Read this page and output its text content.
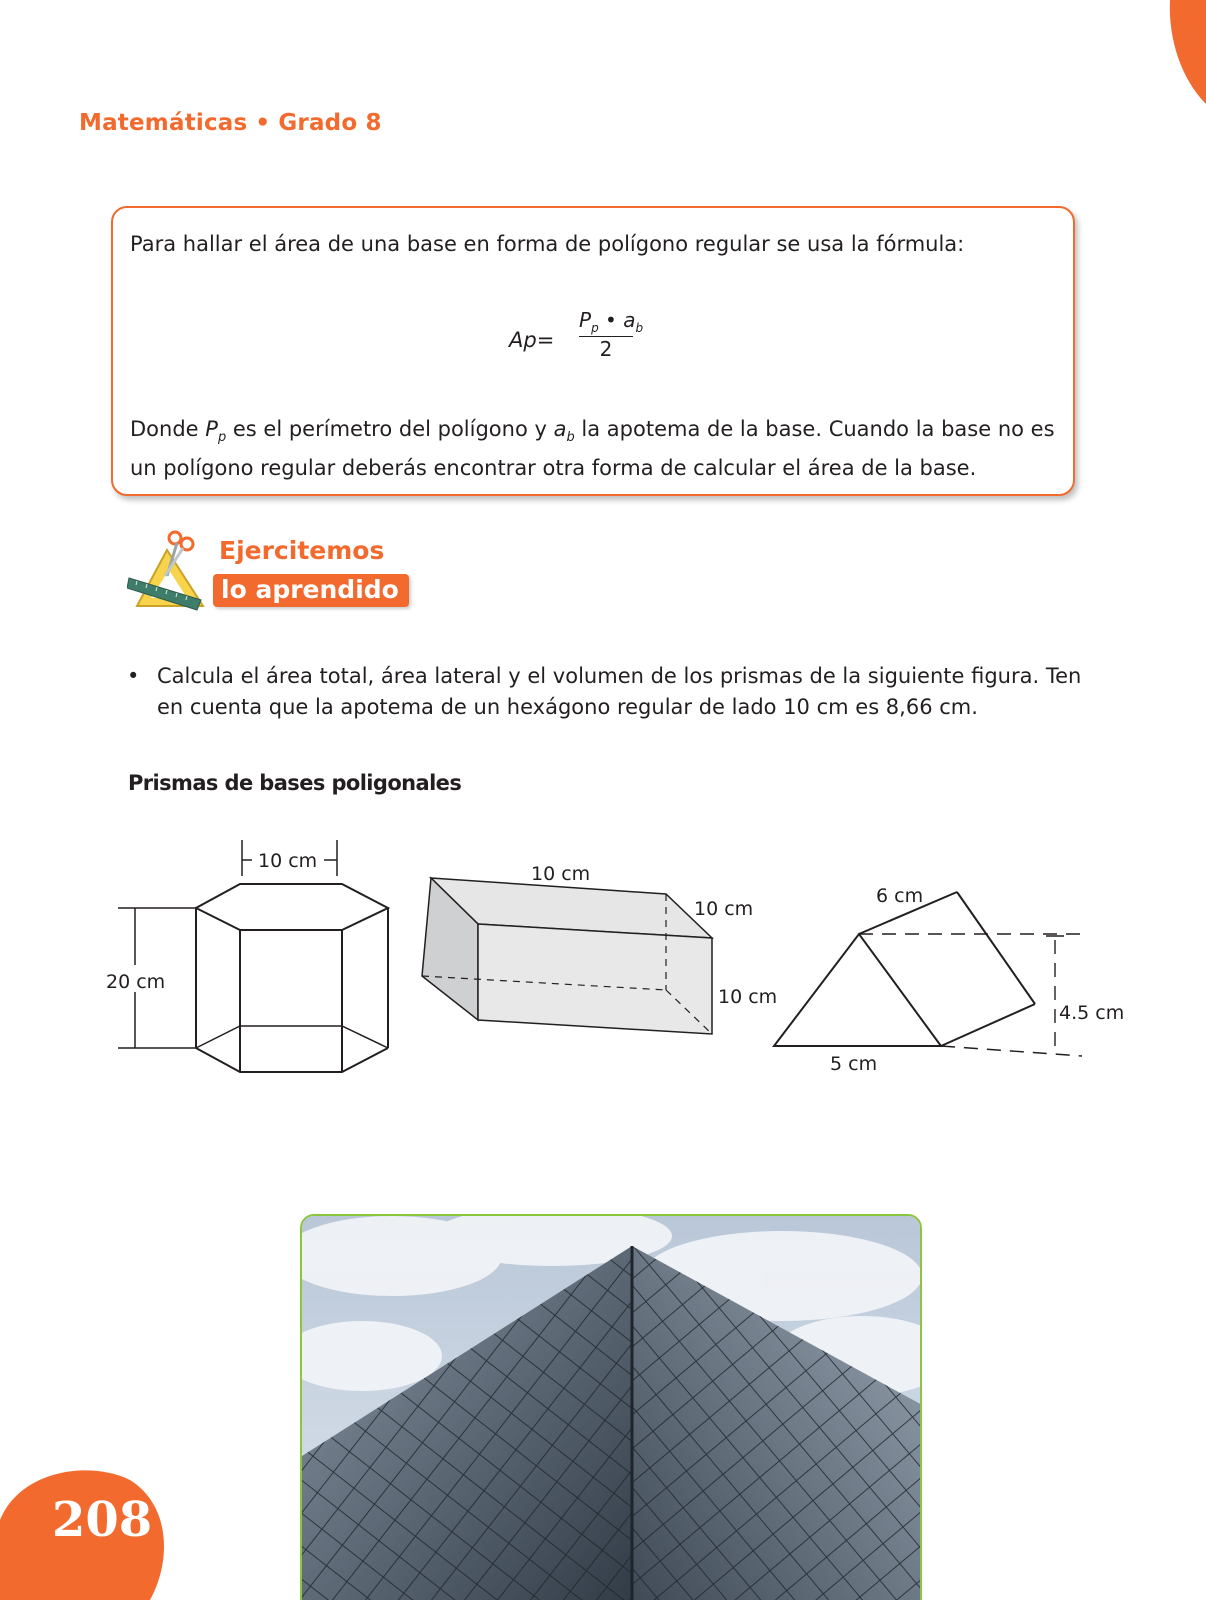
Matemáticas • Grado 8
Para hallar el área de una base en forma de polígono regular se usa la fórmula:
Ap=
$P_p$ • $a_b$
2
Donde $P_p$ es el perímetro del polígono y $a_b$ la apotema de la base. Cuando la base no es un polígono regular deberás encontrar otra forma de calcular el área de la base.
Ejercitemos
lo aprendido
• Calcula el área total, área lateral y el volumen de los prismas de la siguiente figura. Ten en cuenta que la apotema de un hexágono regular de lado 10 cm es 8,66 cm.
Prismas de bases poligonales
10 cm
20 cm
10 cm
10 cm
10 cm
6 cm
4.5 cm
5 cm
208
